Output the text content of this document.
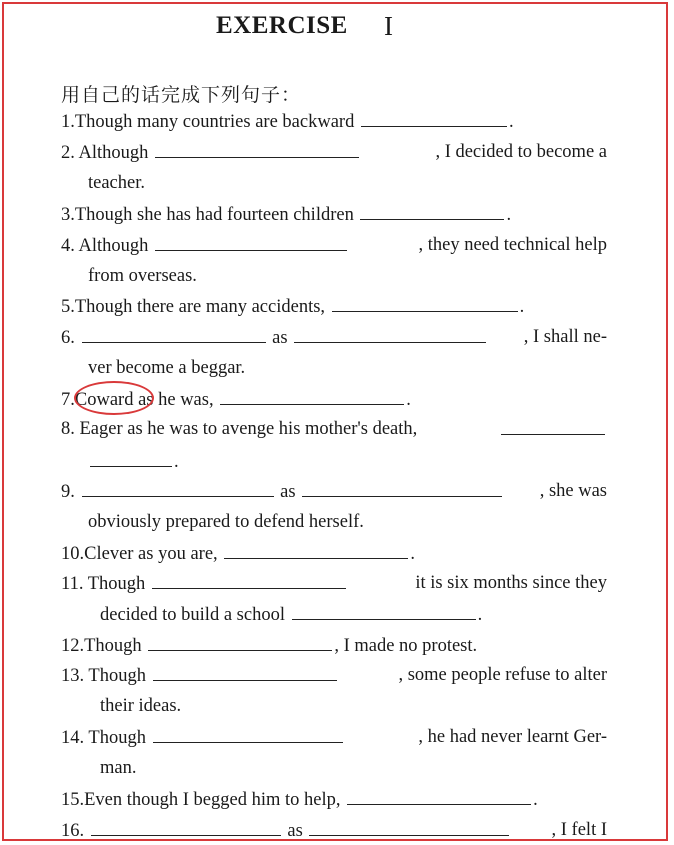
EXERCISE I
用自己的话完成下列句子：
1.Though many countries are backward	.
2. Although	, I decided to become a
teacher.
3.Though she has had fourteen children	.
4. Although	, they need technical help
from overseas.
5.Though there are many accidents,	.
6.	as	, I shall ne-
ver become a beggar.
7.Coward as he was,	.
8. Eager as he was to avenge his mother's death,
.
9.	as	, she was
obviously prepared to defend herself.
10.Clever as you are,	.
11. Though	it is six months since they
decided to build a school	.
12.Though	, I made no protest.
13. Though	, some people refuse to alter
their ideas.
14. Though	, he had never learnt Ger-
man.
15.Even though I begged him to help,	.
16.	as	, I felt I
